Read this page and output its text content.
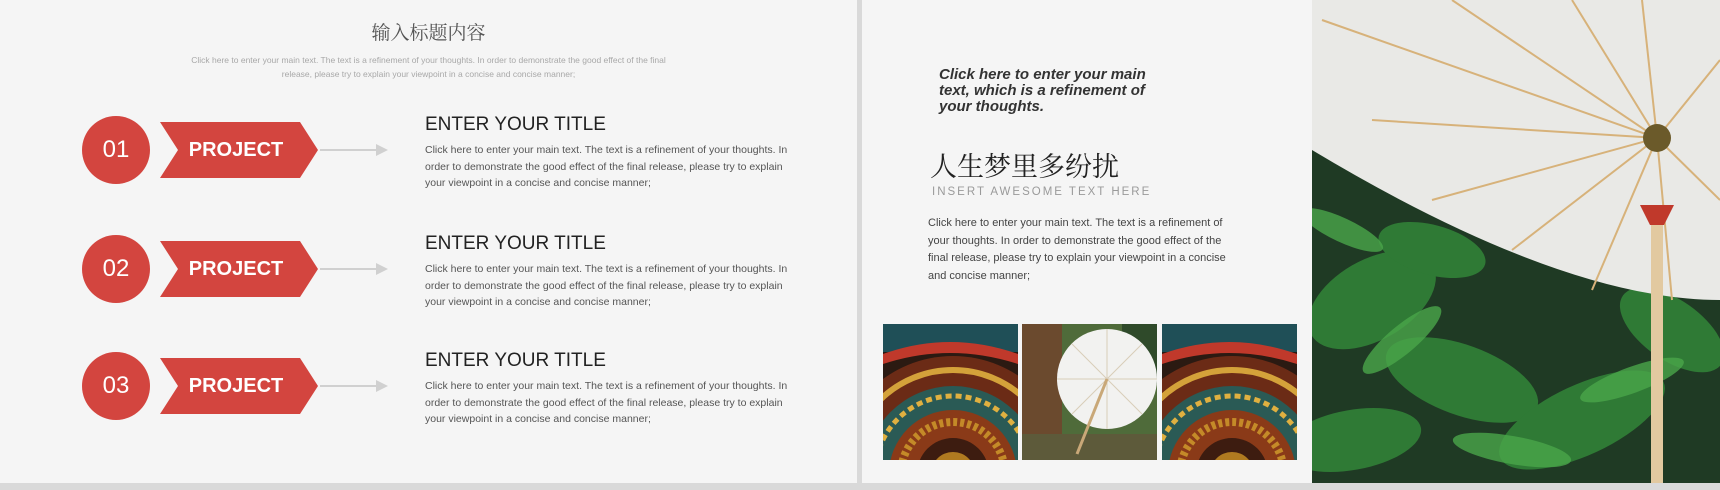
输入标题内容
Click here to enter your main text. The text is a refinement of your thoughts. In order to demonstrate the good effect of the final release, please try to explain your viewpoint in a concise and concise manner;
01	PROJECT
ENTER YOUR TITLE
Click here to enter your main text. The text is a refinement of your thoughts. In order to demonstrate the good effect of the final release, please try to explain your viewpoint in a concise and concise manner;
02	PROJECT
ENTER YOUR TITLE
Click here to enter your main text. The text is a refinement of your thoughts. In order to demonstrate the good effect of the final release, please try to explain your viewpoint in a concise and concise manner;
03	PROJECT
ENTER YOUR TITLE
Click here to enter your main text. The text is a refinement of your thoughts. In order to demonstrate the good effect of the final release, please try to explain your viewpoint in a concise and concise manner;
Click here to enter your main text, which is a refinement of your thoughts.
人生梦里多纷扰
INSERT AWESOME TEXT HERE
Click here to enter your main text. The text is a refinement of your thoughts. In order to demonstrate the good effect of the final release, please try to explain your viewpoint in a concise and concise manner;
